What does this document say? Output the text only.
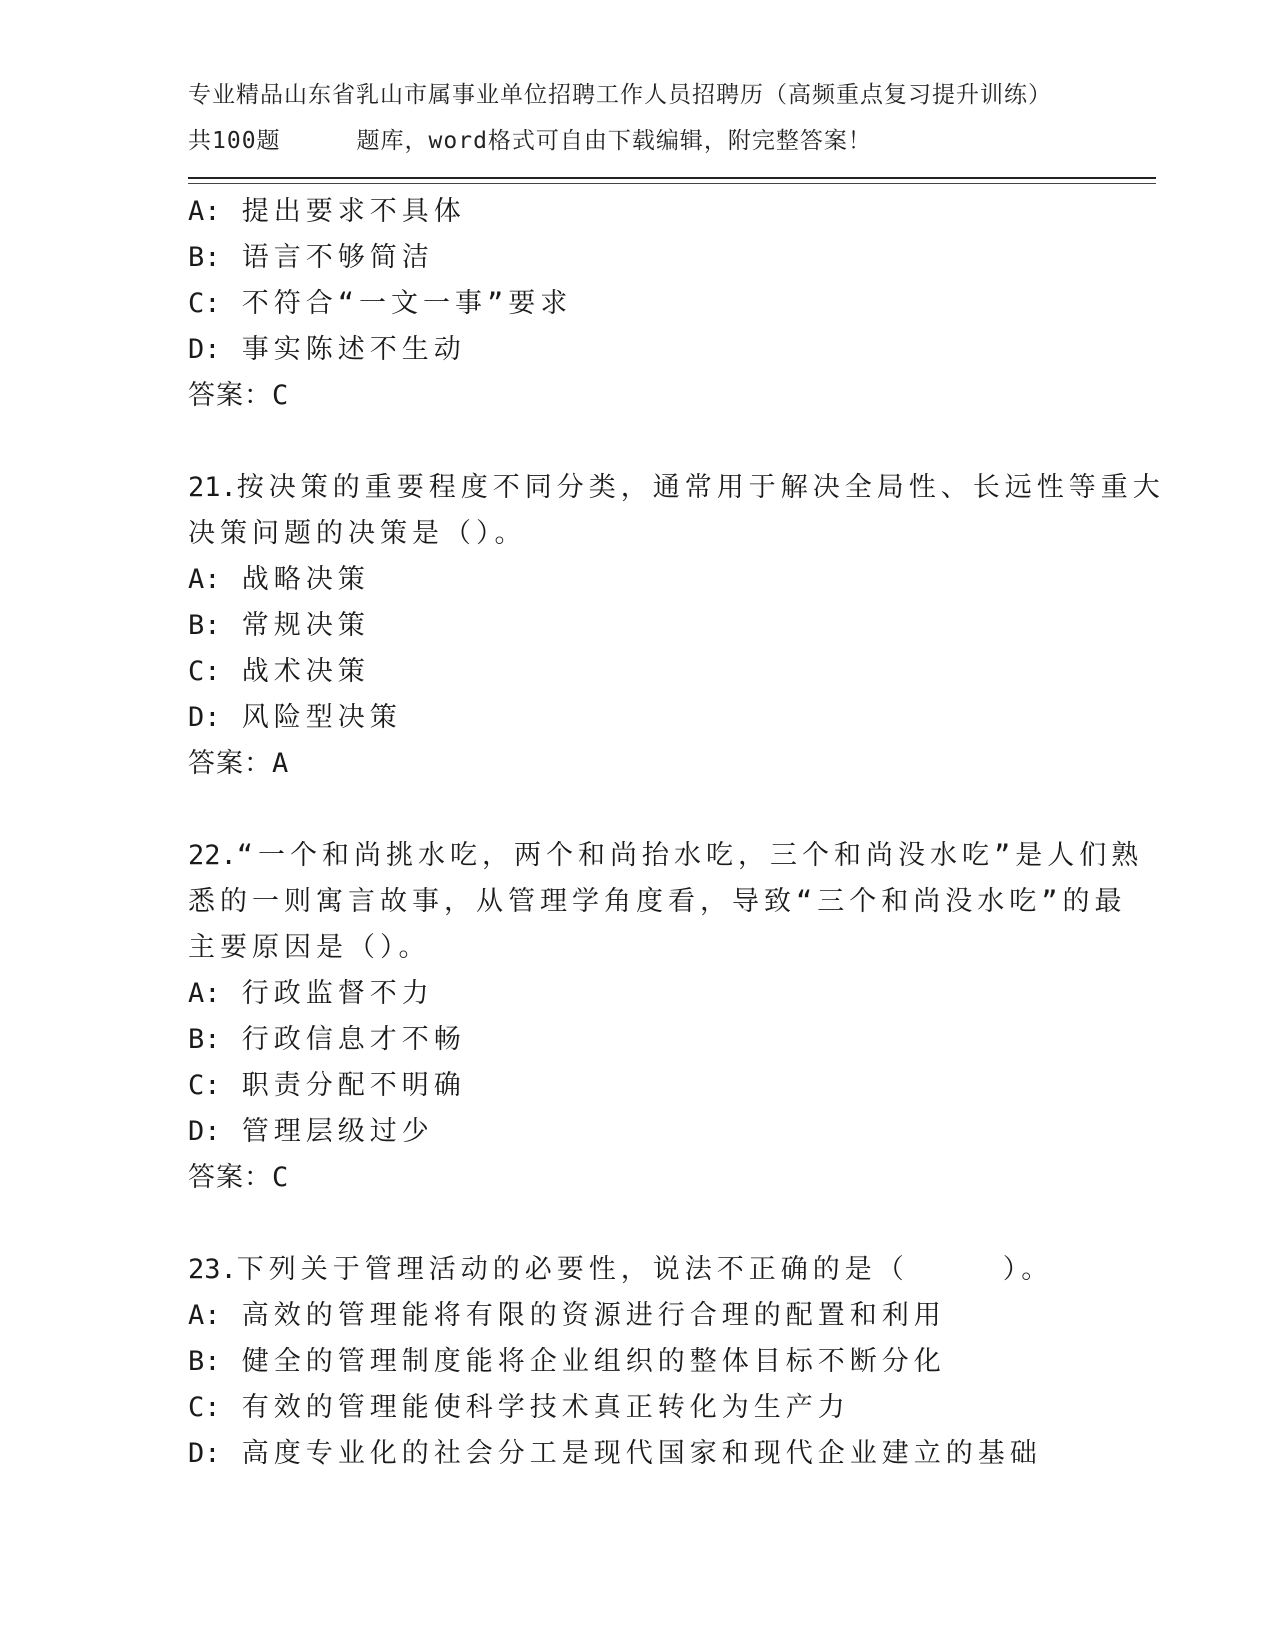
专业精品山东省乳山市属事业单位招聘工作人员招聘历（高频重点复习提升训练）
共100题	题库，word格式可自由下载编辑，附完整答案！
A: 提出要求不具体
B: 语言不够简洁
C: 不符合“一文一事”要求
D: 事实陈述不生动
答案：C
21.按决策的重要程度不同分类，通常用于解决全局性、长远性等重大
决策问题的决策是（）。
A: 战略决策
B: 常规决策
C: 战术决策
D: 风险型决策
答案：A
22.“一个和尚挑水吃，两个和尚抬水吃，三个和尚没水吃”是人们熟
悉的一则寓言故事，从管理学角度看，导致“三个和尚没水吃”的最
主要原因是（）。
A: 行政监督不力
B: 行政信息才不畅
C: 职责分配不明确
D: 管理层级过少
答案：C
23.下列关于管理活动的必要性，说法不正确的是（	）。
A: 高效的管理能将有限的资源进行合理的配置和利用
B: 健全的管理制度能将企业组织的整体目标不断分化
C: 有效的管理能使科学技术真正转化为生产力
D: 高度专业化的社会分工是现代国家和现代企业建立的基础
